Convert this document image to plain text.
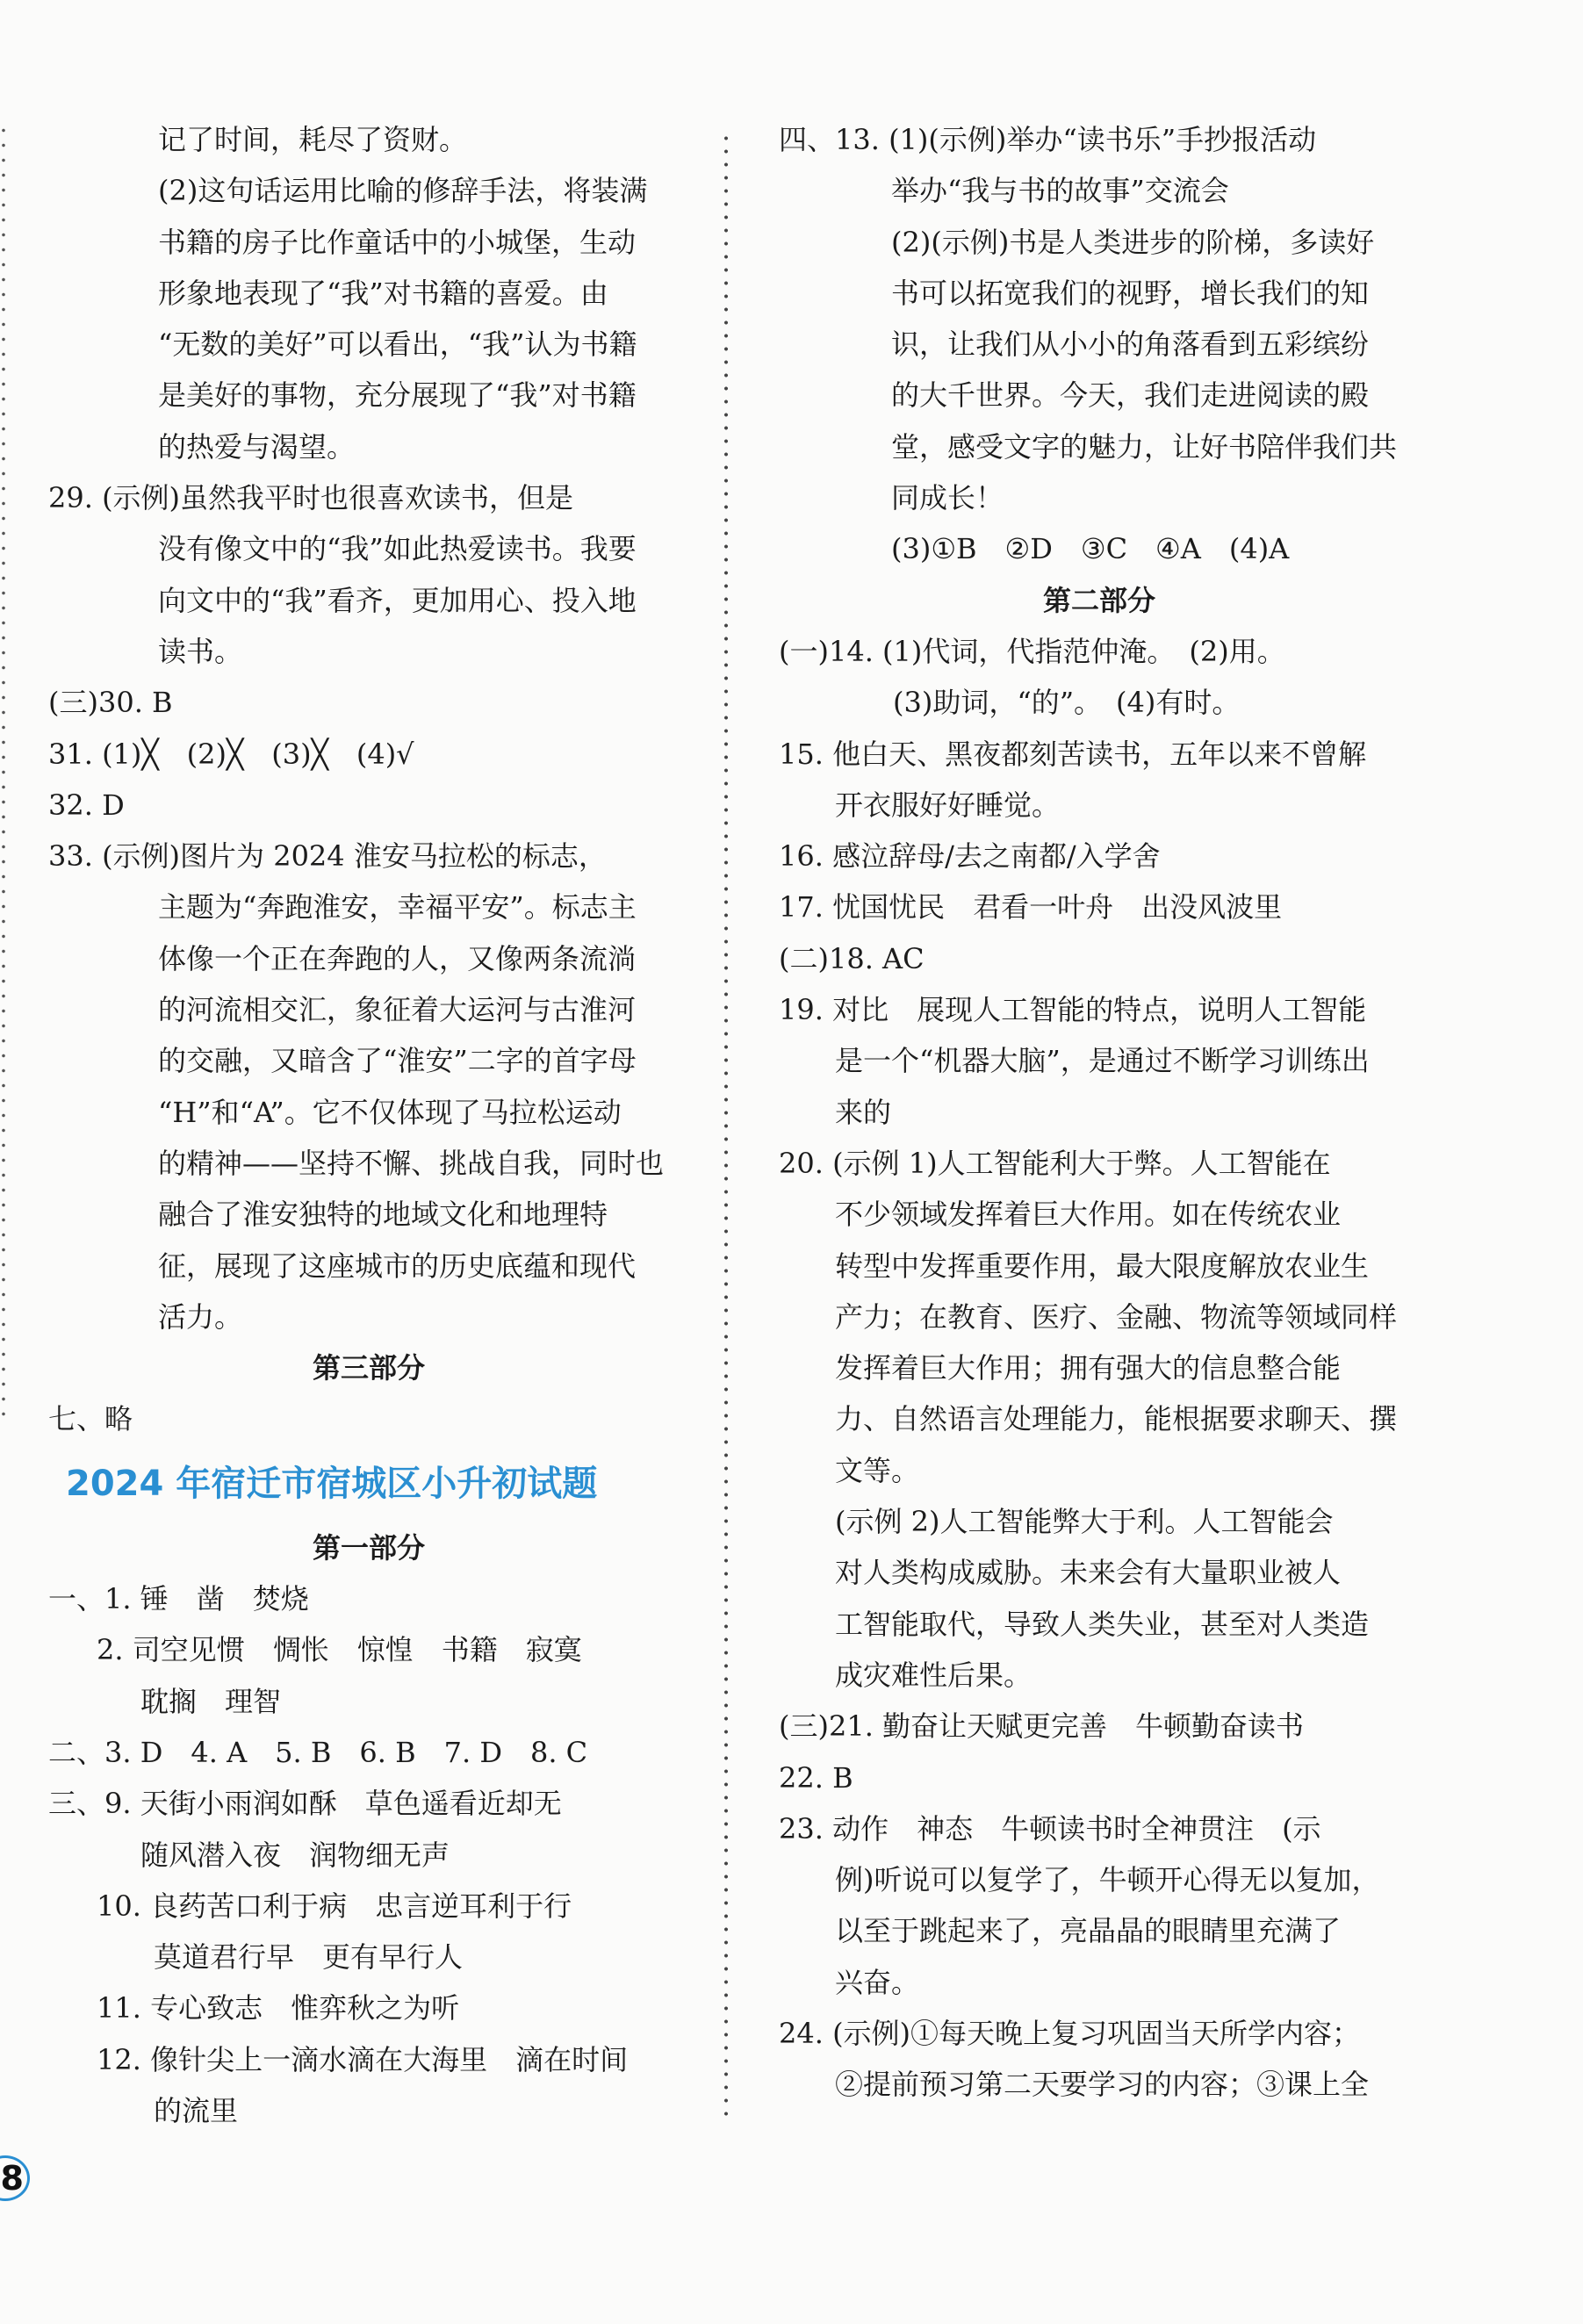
记了时间，耗尽了资财。
(2)这句话运用比喻的修辞手法，将装满
书籍的房子比作童话中的小城堡，生动
形象地表现了“我”对书籍的喜爱。由
“无数的美好”可以看出，“我”认为书籍
是美好的事物，充分展现了“我”对书籍
的热爱与渴望。
29. (示例)虽然我平时也很喜欢读书，但是
没有像文中的“我”如此热爱读书。我要
向文中的“我”看齐，更加用心、投入地
读书。
(三)30. B
31. (1)╳　(2)╳　(3)╳　(4)√
32. D
33. (示例)图片为 2024 淮安马拉松的标志，
主题为“奔跑淮安，幸福平安”。标志主
体像一个正在奔跑的人，又像两条流淌
的河流相交汇，象征着大运河与古淮河
的交融，又暗含了“淮安”二字的首字母
“H”和“A”。它不仅体现了马拉松运动
的精神——坚持不懈、挑战自我，同时也
融合了淮安独特的地域文化和地理特
征，展现了这座城市的历史底蕴和现代
活力。
第三部分
七、略
2024 年宿迁市宿城区小升初试题
第一部分
一、1. 锤　凿　焚烧
2. 司空见惯　惆怅　惊惶　书籍　寂寞
耽搁　理智
二、3. D　4. A　5. B　6. B　7. D　8. C
三、9. 天街小雨润如酥　草色遥看近却无
随风潜入夜　润物细无声
10. 良药苦口利于病　忠言逆耳利于行
莫道君行早　更有早行人
11. 专心致志　惟弈秋之为听
12. 像针尖上一滴水滴在大海里　滴在时间
的流里
四、13. (1)(示例)举办“读书乐”手抄报活动
举办“我与书的故事”交流会
(2)(示例)书是人类进步的阶梯，多读好
书可以拓宽我们的视野，增长我们的知
识，让我们从小小的角落看到五彩缤纷
的大千世界。今天，我们走进阅读的殿
堂，感受文字的魅力，让好书陪伴我们共
同成长！
(3)①B　②D　③C　④A　(4)A
第二部分
(一)14. (1)代词，代指范仲淹。　(2)用。
(3)助词，“的”。　(4)有时。
15. 他白天、黑夜都刻苦读书，五年以来不曾解
开衣服好好睡觉。
16. 感泣辞母/去之南都/入学舍
17. 忧国忧民　君看一叶舟　出没风波里
(二)18. AC
19. 对比　展现人工智能的特点，说明人工智能
是一个“机器大脑”，是通过不断学习训练出
来的
20. (示例 1)人工智能利大于弊。人工智能在
不少领域发挥着巨大作用。如在传统农业
转型中发挥重要作用，最大限度解放农业生
产力；在教育、医疗、金融、物流等领域同样
发挥着巨大作用；拥有强大的信息整合能
力、自然语言处理能力，能根据要求聊天、撰
文等。
(示例 2)人工智能弊大于利。人工智能会
对人类构成威胁。未来会有大量职业被人
工智能取代，导致人类失业，甚至对人类造
成灾难性后果。
(三)21. 勤奋让天赋更完善　牛顿勤奋读书
22. B
23. 动作　神态　牛顿读书时全神贯注　(示
例)听说可以复学了，牛顿开心得无以复加，
以至于跳起来了，亮晶晶的眼睛里充满了
兴奋。
24. (示例)①每天晚上复习巩固当天所学内容；
②提前预习第二天要学习的内容；③课上全
8
